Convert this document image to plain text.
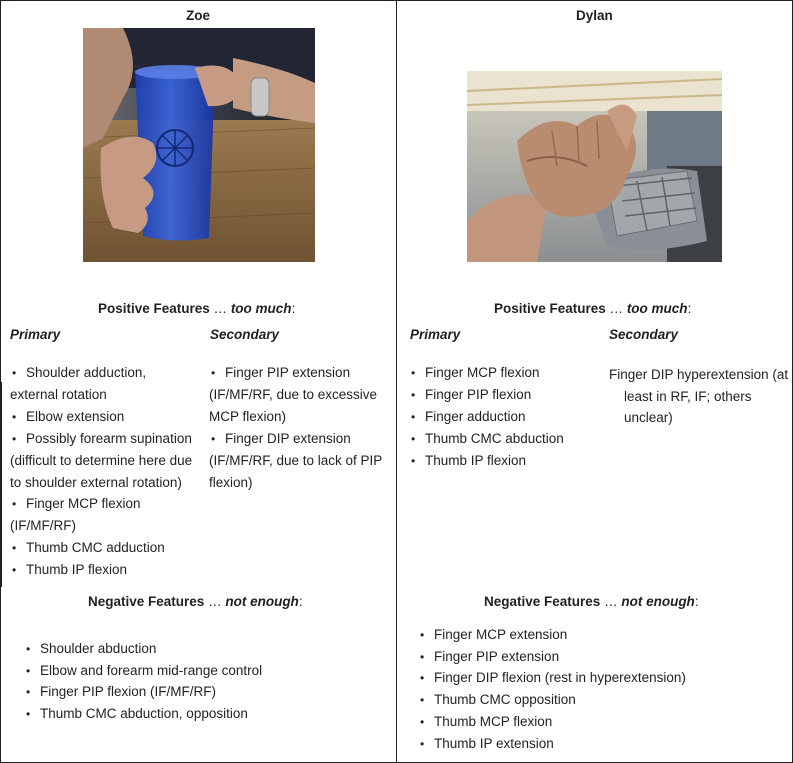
Zoe
Positive Features … too much:
Primary	Secondary
• Shoulder adduction,
external rotation
• Elbow extension
• Possibly forearm supination
(difficult to determine here due
to shoulder external rotation)
• Finger MCP flexion
(IF/MF/RF)
• Thumb CMC adduction
• Thumb IP flexion
• Finger PIP extension
(IF/MF/RF, due to excessive
MCP flexion)
• Finger DIP extension
(IF/MF/RF, due to lack of PIP
flexion)
Negative Features … not enough:
• Shoulder abduction
• Elbow and forearm mid-range control
• Finger PIP flexion (IF/MF/RF)
• Thumb CMC abduction, opposition
Dylan
Positive Features … too much:
Primary	Secondary
• Finger MCP flexion
• Finger PIP flexion
• Finger adduction
• Thumb CMC abduction
• Thumb IP flexion
Finger DIP hyperextension (at
least in RF, IF; others
unclear)
Negative Features … not enough:
• Finger MCP extension
• Finger PIP extension
• Finger DIP flexion (rest in hyperextension)
• Thumb CMC opposition
• Thumb MCP flexion
• Thumb IP extension
